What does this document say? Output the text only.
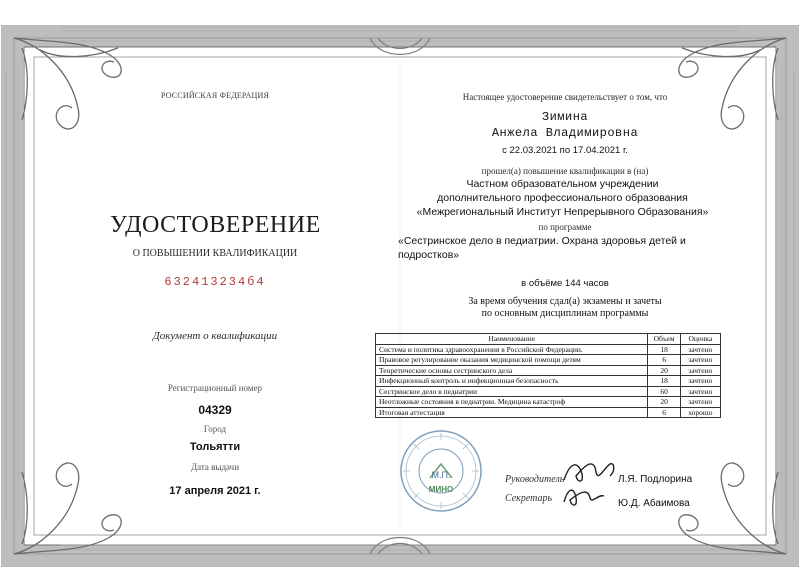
РОССИЙСКАЯ ФЕДЕРАЦИЯ

УДОСТОВЕРЕНИЕ

О ПОВЫШЕНИИ КВАЛИФИКАЦИИ

632413234б4

Документ о квалификации

Регистрационный номер

04329

Город

Тольятти

Дата выдачи

17 апреля 2021 г.

Настоящее удостоверение свидетельствует о том, что

Зимина

Анжела Владимировна

с 22.03.2021 по 17.04.2021 г.

прошел(а) повышение квалификации в (на)

Частном образовательном учреждении
дополнительного профессионального образования
«Межрегиональный Институт Непрерывного Образования»

по программе

«Сестринское дело в педиатрии. Охрана здоровья детей и
подростков»

в объёме 144 часов

За время обучения сдал(а) экзамены и зачеты
по основным дисциплинам программы
Наименование	Объем	Оценка
Система и политика здравоохранения в Российской Федерации.	18	зачтено
Правовое регулирование оказания медицинской помощи детям	6	зачтено
Теоретические основы сестринского дела	20	зачтено
Инфекционный контроль и инфекционная безопасность	18	зачтено
Сестринское дело в педиатрии	60	зачтено
Неотложные состояния в педиатрии. Медицина катастроф	20	зачтено
Итоговая аттестация	6	хорошо

М.П.

МИНО

Руководитель	Л.Я. Подлорина

Секретарь	Ю.Д. Абаимова
